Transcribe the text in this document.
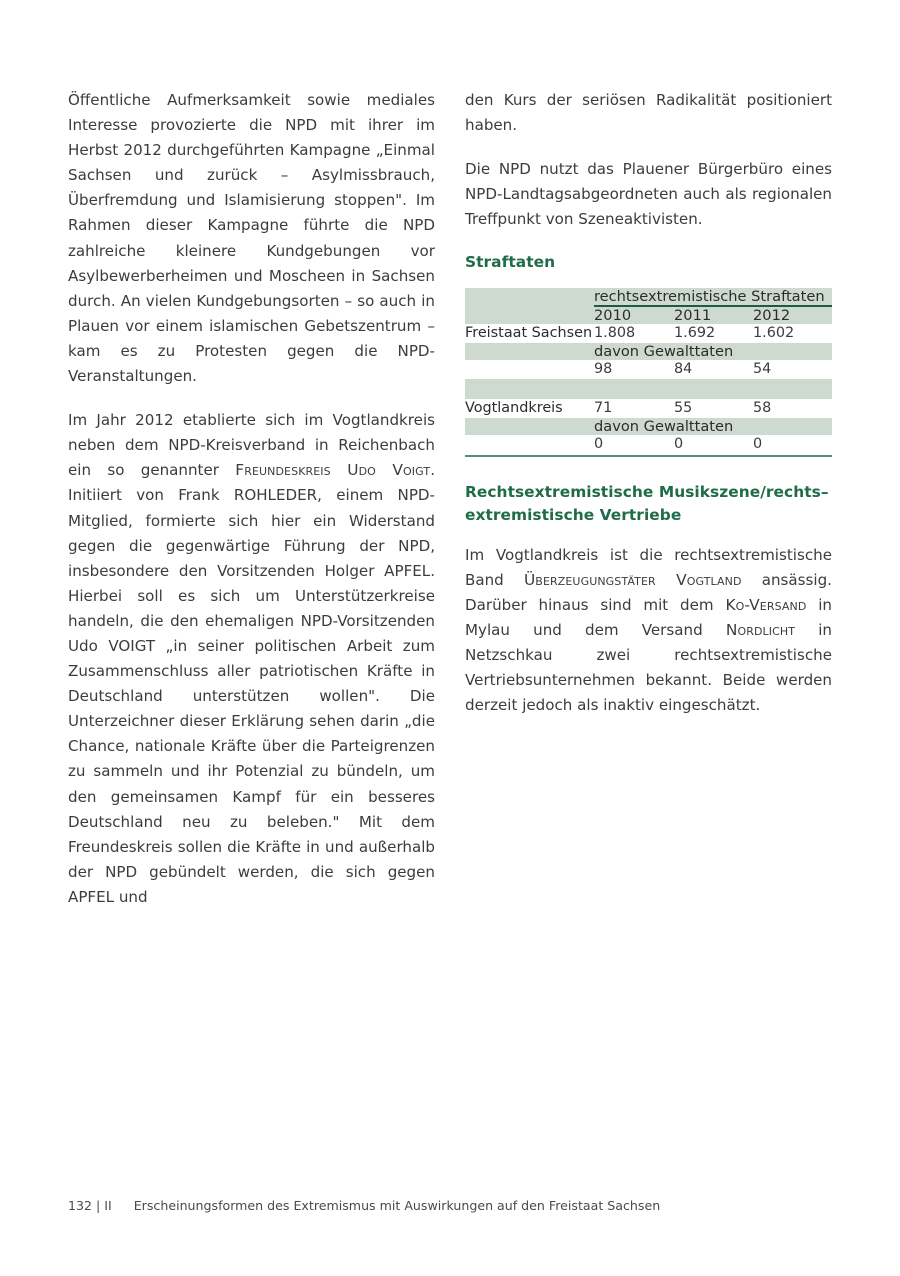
Öffentliche Aufmerksamkeit sowie mediales Interesse provozierte die NPD mit ihrer im Herbst 2012 durchgeführten Kampagne „Einmal Sachsen und zurück – Asylmissbrauch, Überfremdung und Islamisierung stoppen". Im Rahmen dieser Kampagne führte die NPD zahlreiche kleinere Kundgebungen vor Asylbewerberheimen und Moscheen in Sachsen durch. An vielen Kundgebungsorten – so auch in Plauen vor einem islamischen Gebetszentrum – kam es zu Protesten gegen die NPD-Veranstaltungen.

Im Jahr 2012 etablierte sich im Vogtlandkreis neben dem NPD-Kreisverband in Reichenbach ein so genannter Freundeskreis Udo Voigt. Initiiert von Frank ROHLEDER, einem NPD-Mitglied, formierte sich hier ein Widerstand gegen die gegenwärtige Führung der NPD, insbesondere den Vorsitzenden Holger APFEL. Hierbei soll es sich um Unterstützerkreise handeln, die den ehemaligen NPD-Vorsitzenden Udo VOIGT „in seiner politischen Arbeit zum Zusammenschluss aller patriotischen Kräfte in Deutschland unterstützen wollen". Die Unterzeichner dieser Erklärung sehen darin „die Chance, nationale Kräfte über die Parteigrenzen zu sammeln und ihr Potenzial zu bündeln, um den gemeinsamen Kampf für ein besseres Deutschland neu zu beleben." Mit dem Freundeskreis sollen die Kräfte in und außerhalb der NPD gebündelt werden, die sich gegen APFEL und

den Kurs der seriösen Radikalität positioniert haben.

Die NPD nutzt das Plauener Bürgerbüro eines NPD-Landtagsabgeordneten auch als regionalen Treffpunkt von Szeneaktivisten.

Straftaten
	rechtsextremistische Straftaten		
	2010	2011	2012
Freistaat Sachsen	1.808	1.692	1.602
	davon Gewalttaten		
	98	84	54

Vogtlandkreis	71	55	58
	davon Gewalttaten		
	0	0	0
Rechtsextremistische Musikszene/rechts–extremistische Vertriebe

Im Vogtlandkreis ist die rechtsextremistische Band Überzeugungstäter Vogtland ansässig. Darüber hinaus sind mit dem Ko-Versand in Mylau und dem Versand Nordlicht in Netzschkau zwei rechtsextremistische Vertriebsunternehmen bekannt. Beide werden derzeit jedoch als inaktiv eingeschätzt.

132 | II Erscheinungsformen des Extremismus mit Auswirkungen auf den Freistaat Sachsen
